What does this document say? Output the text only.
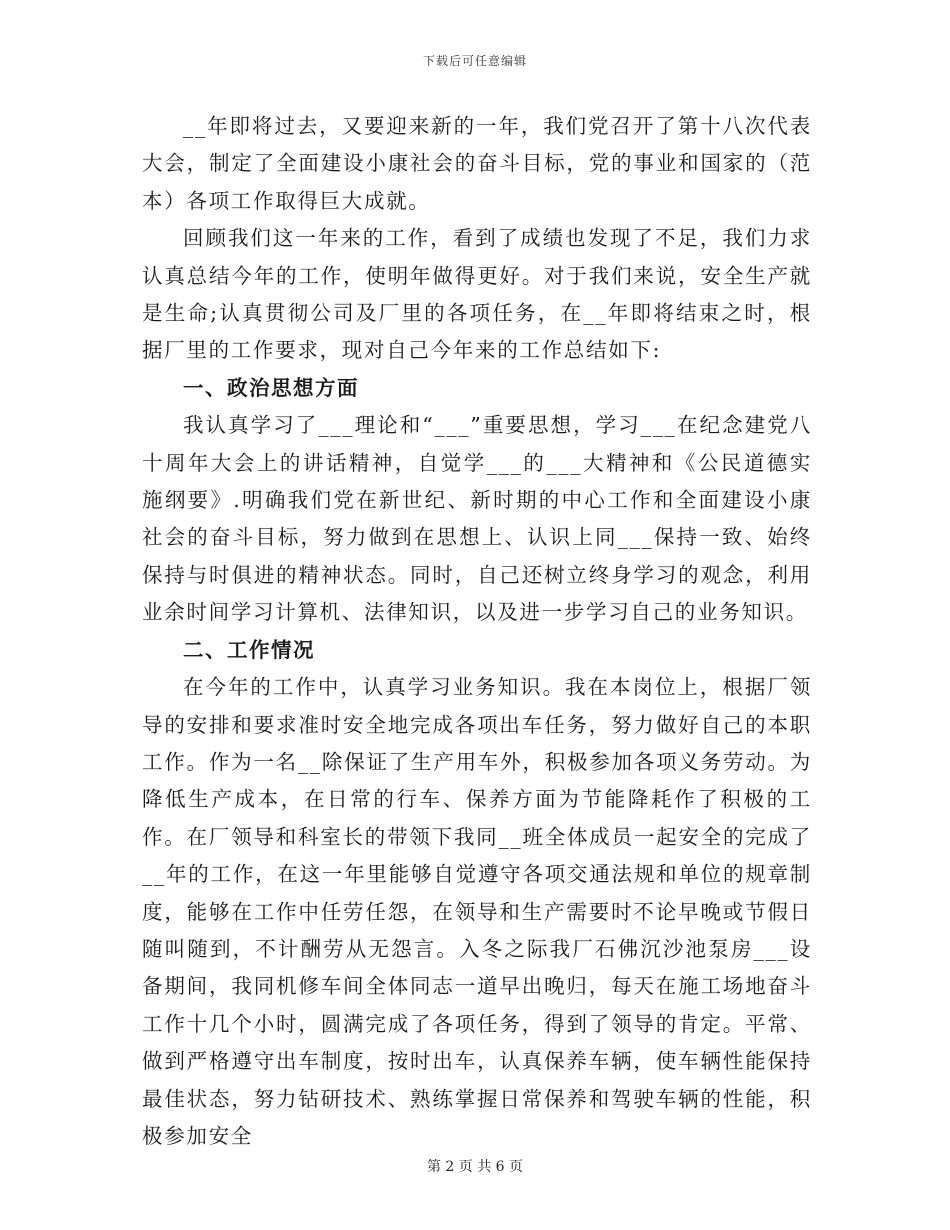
下载后可任意编辑

__年即将过去，又要迎来新的一年，我们党召开了第十八次代表大会，制定了全面建设小康社会的奋斗目标，党的事业和国家的（范本）各项工作取得巨大成就。

回顾我们这一年来的工作，看到了成绩也发现了不足，我们力求认真总结今年的工作，使明年做得更好。对于我们来说，安全生产就是生命;认真贯彻公司及厂里的各项任务，在__年即将结束之时，根据厂里的工作要求，现对自己今年来的工作总结如下:

一、政治思想方面

我认真学习了___理论和“___”重要思想，学习___在纪念建党八十周年大会上的讲话精神，自觉学___的___大精神和《公民道德实施纲要》.明确我们党在新世纪、新时期的中心工作和全面建设小康社会的奋斗目标，努力做到在思想上、认识上同___保持一致、始终保持与时俱进的精神状态。同时，自己还树立终身学习的观念，利用业余时间学习计算机、法律知识，以及进一步学习自己的业务知识。

二、工作情况

在今年的工作中，认真学习业务知识。我在本岗位上，根据厂领导的安排和要求准时安全地完成各项出车任务，努力做好自己的本职工作。作为一名__除保证了生产用车外，积极参加各项义务劳动。为降低生产成本，在日常的行车、保养方面为节能降耗作了积极的工作。在厂领导和科室长的带领下我同__班全体成员一起安全的完成了__年的工作，在这一年里能够自觉遵守各项交通法规和单位的规章制度，能够在工作中任劳任怨，在领导和生产需要时不论早晚或节假日随叫随到，不计酬劳从无怨言。入冬之际我厂石佛沉沙池泵房___设备期间，我同机修车间全体同志一道早出晚归，每天在施工场地奋斗工作十几个小时，圆满完成了各项任务，得到了领导的肯定。平常、做到严格遵守出车制度，按时出车，认真保养车辆，使车辆性能保持最佳状态，努力钻研技术、熟练掌握日常保养和驾驶车辆的性能，积极参加安全

第 2 页 共 6 页
